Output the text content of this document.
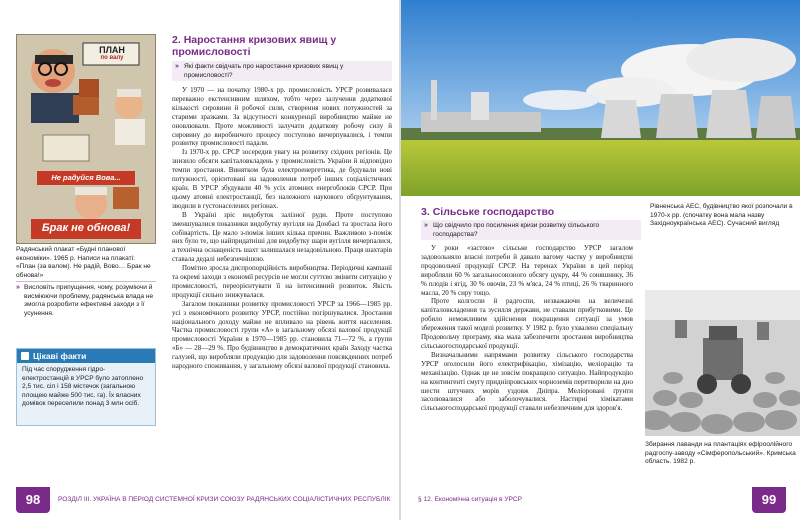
ПЛАН
по валу
Не радуйся Вова...
Брак не обнова!
Радянський плакат «Будні планової економіки». 1965 р. Написи на плакаті: «План (за валом). Не радій, Вово… Брак не обнова!»
» Висловіть припущення, чому, розуміючи й висміюючи проблему, радянська влада не змогла розробити ефективні заходи з її усунення.
Цікаві факти
Під час спорудження гідро-електростанцій в УРСР було затоплено 2,5 тис. сіл і 158 містечок (загальною площею майже 500 тис. га). Їх власних домівок переселили понад 3 млн осіб.
2. Наростання кризових явищ у промисловості
» Які факти свідчать про наростання кризових явищ у промисловості?

У 1970 — на початку 1980-х рр. промисловість УРСР розвивалася переважно екстенсивним шляхом, тобто через залучення додаткової кількості сировини й робочої сили, створення нових потужностей за старими зразками. За відсутності конкуренції виробництво майже не оновлювали. Проте можливості залучати додаткову робочу силу й сировину до виробничого процесу поступово вичерпувалися, і темпи розвитку промисловості падали.

Із 1970-х рр. СРСР зосередив увагу на розвитку східних регіонів. Це знизило обсяги капіталовкладень у промисловість України й відповідно темпи зростання. Винятком була електроенергетика, де будували нові потужності, орієнтовані на задоволення потреб інших соціалістичних країн. В УРСР збудували 40 % усіх атомних енергоблоків СРСР. При цьому атомні електростанції, без належного наукового обґрунтування, зводили в густонаселених регіонах.

В Україні зріс видобуток залізної руди. Проте поступово зменшувалися показники видобутку вугілля на Донбасі та зростала його собівартість. Це мало з-поміж інших кілька причин. Важливою з-поміж них було те, що найпридатніші для видобутку шари вугілля вичерпалися, а технічна оснащеність шахт залишалася незадовільною. Праця шахтарів ставала дедалі небезпечнішою.

Помітно зросла диспропорційність виробництва. Періодичні кампанії та окремі заходи з економії ресурсів не могли суттєво змінити ситуацію у промисловості, переорієнтувати її на інтенсивний розвиток. Якість продукції сильно знижувалася.

Загалом показники розвитку промисловості УРСР за 1966—1985 рр. усі з економічного розвитку УРСР, постійно погіршувалися. Зростання національного доходу майже не впливало на рівень життя населення. Частка промисловості групи «А» в загальному обсязі валової продукції промисловості України в 1970—1985 рр. становила 71—72 %, а групи «Б» — 28—29 %. Про будівництво в демократичних країн Заходу частка галузей, що виробляли продукцію для задоволення повсякденних потреб народного споживання, у загальному обсязі валової продукції становила.

98	РОЗДІЛ ІІІ. УКРАЇНА В ПЕРІОД СИСТЕМНОЇ КРИЗИ СОЮЗУ РАДЯНСЬКИХ СОЦІАЛІСТИЧНИХ РЕСПУБЛІК
Рівненська АЕС, будівництво якої розпочали в 1970-х рр. (спочатку вона мала назву Західноукраїнська АЕС). Сучасний вигляд
3. Сільське господарство
» Що свідчило про посилення кризи розвитку сільського господарства?

У роки «застою» сільське господарство УРСР загалом задовольняло власні потреби й давало вагому частку у виробництві продовольчої продукції СРСР. На теренах України в цей період виробляли 60 % загальносоюзного обсягу цукру, 44 % соняшнику, 36 % плодів і ягід, 30 % овочів, 23 % м'яса, 24 % птиці, 26 % тваринного масла, 20 % сиру тощо.

Проте колгоспи й радгоспи, незважаючи на величезні капіталовкладення та зусилля держави, не ставали прибутковими. Це робило неможливим здійснення покращення ситуації за умов збереження такої моделі розвитку. У 1982 р. було ухвалено спеціальну Продовольчу програму, яка мала забезпечити зростання виробництва сільськогосподарської продукції.

Визначальними напрямами розвитку сільського господарства УРСР оголосили його електрифікацію, хімізацію, меліорацію та механізацію. Однак це не зовсім покращило ситуацію. Найпродукцію на контингенті смугу придніпровських чорноземів перетворили на дно шести штучних морів уздовж Дніпра. Меліоровані ґрунти засолювалися або заболочувалися. Настирні хімікатами сільськогосподарської продукції ставали небезпечним для здоров'я.

Збирання лаванди на плантаціях ефіроолійного радгоспу-заводу «Сімферопольський». Кримська область. 1982 р.
§ 12. Економічна ситуація в УРСР	99
